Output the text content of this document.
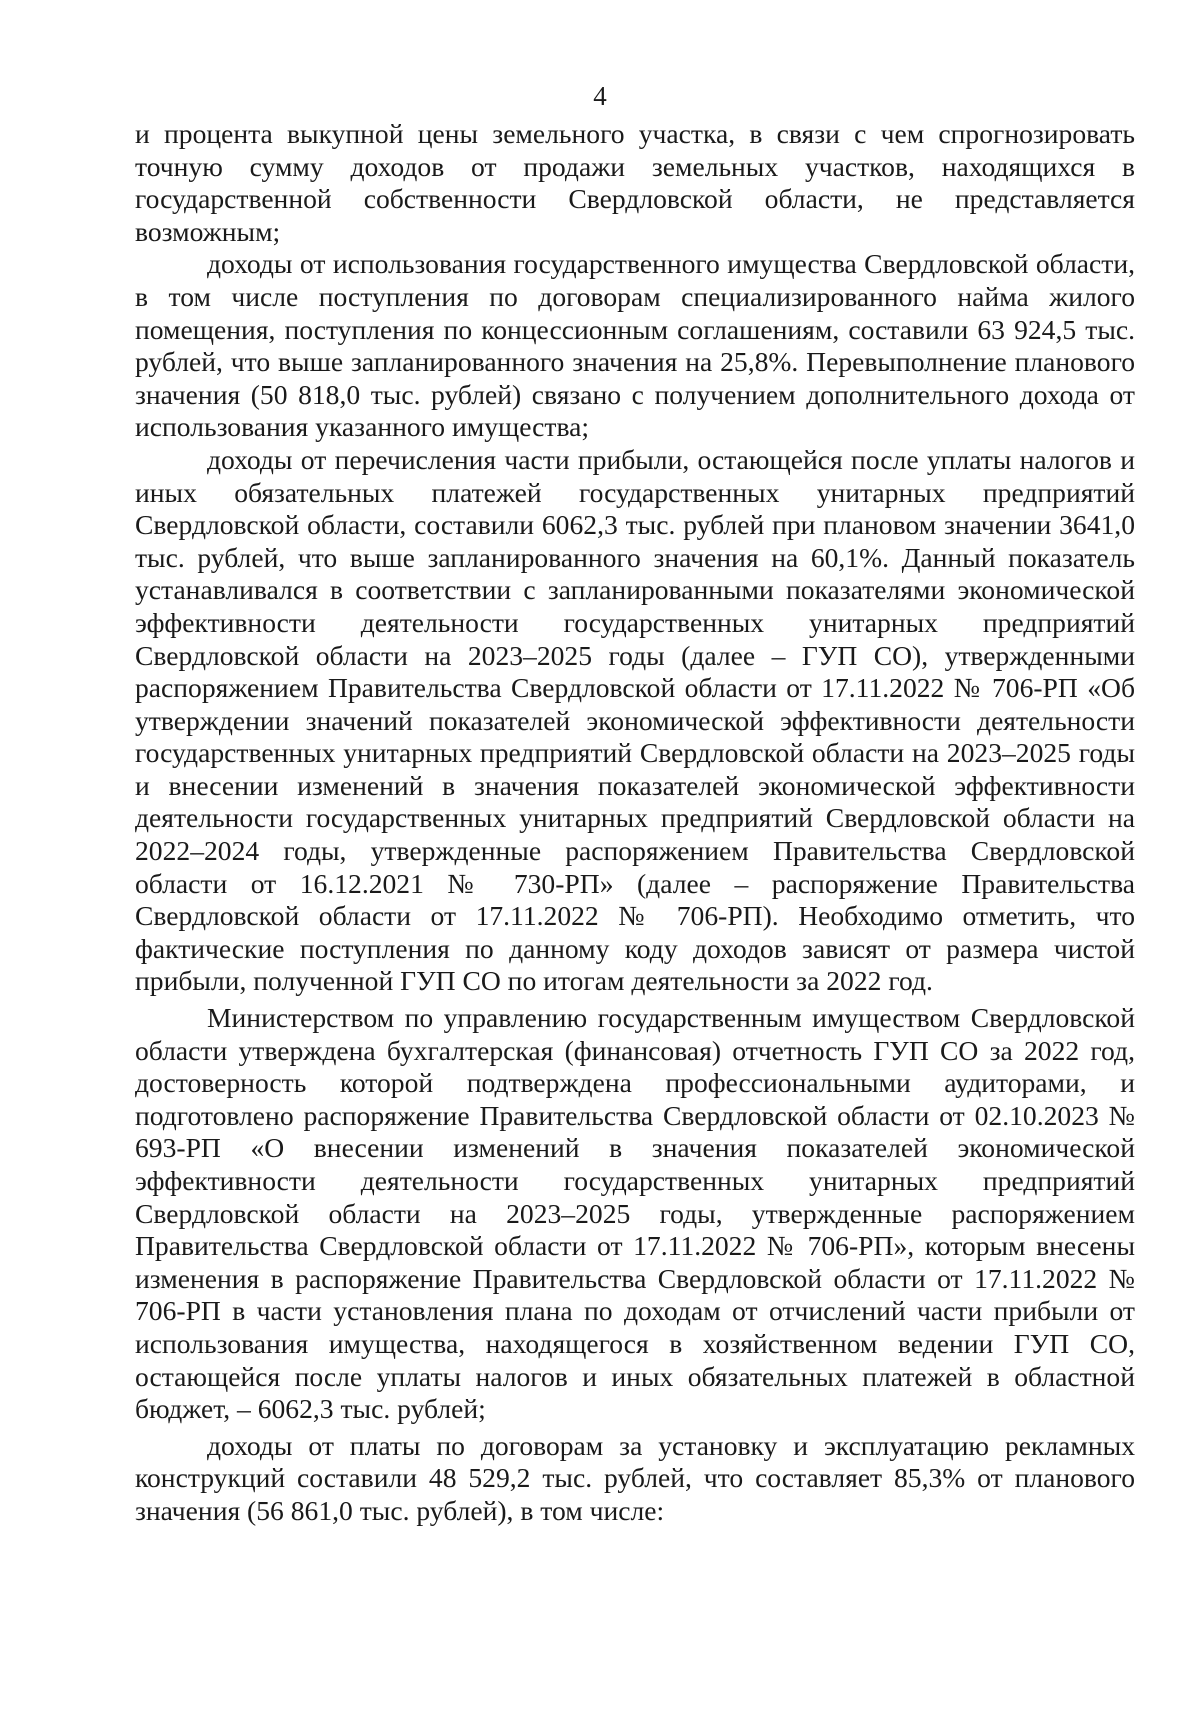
4

и процента выкупной цены земельного участка, в связи с чем спрогнозировать точную сумму доходов от продажи земельных участков, находящихся в государственной собственности Свердловской области, не представляется возможным;

доходы от использования государственного имущества Свердловской области, в том числе поступления по договорам специализированного найма жилого помещения, поступления по концессионным соглашениям, составили 63 924,5 тыс. рублей, что выше запланированного значения на 25,8%. Перевыполнение планового значения (50 818,0 тыс. рублей) связано с получением дополнительного дохода от использования указанного имущества;

доходы от перечисления части прибыли, остающейся после уплаты налогов и иных обязательных платежей государственных унитарных предприятий Свердловской области, составили 6062,3 тыс. рублей при плановом значении 3641,0 тыс. рублей, что выше запланированного значения на 60,1%. Данный показатель устанавливался в соответствии с запланированными показателями экономической эффективности деятельности государственных унитарных предприятий Свердловской области на 2023–2025 годы (далее – ГУП СО), утвержденными распоряжением Правительства Свердловской области от 17.11.2022 № 706-РП «Об утверждении значений показателей экономической эффективности деятельности государственных унитарных предприятий Свердловской области на 2023–2025 годы и внесении изменений в значения показателей экономической эффективности деятельности государственных унитарных предприятий Свердловской области на 2022–2024 годы, утвержденные распоряжением Правительства Свердловской области от 16.12.2021 № 730-РП» (далее – распоряжение Правительства Свердловской области от 17.11.2022 № 706-РП). Необходимо отметить, что фактические поступления по данному коду доходов зависят от размера чистой прибыли, полученной ГУП СО по итогам деятельности за 2022 год.

Министерством по управлению государственным имуществом Свердловской области утверждена бухгалтерская (финансовая) отчетность ГУП СО за 2022 год, достоверность которой подтверждена профессиональными аудиторами, и подготовлено распоряжение Правительства Свердловской области от 02.10.2023 № 693-РП «О внесении изменений в значения показателей экономической эффективности деятельности государственных унитарных предприятий Свердловской области на 2023–2025 годы, утвержденные распоряжением Правительства Свердловской области от 17.11.2022 № 706-РП», которым внесены изменения в распоряжение Правительства Свердловской области от 17.11.2022 № 706-РП в части установления плана по доходам от отчислений части прибыли от использования имущества, находящегося в хозяйственном ведении ГУП СО, остающейся после уплаты налогов и иных обязательных платежей в областной бюджет, – 6062,3 тыс. рублей;

доходы от платы по договорам за установку и эксплуатацию рекламных конструкций составили 48 529,2 тыс. рублей, что составляет 85,3% от планового значения (56 861,0 тыс. рублей), в том числе:
